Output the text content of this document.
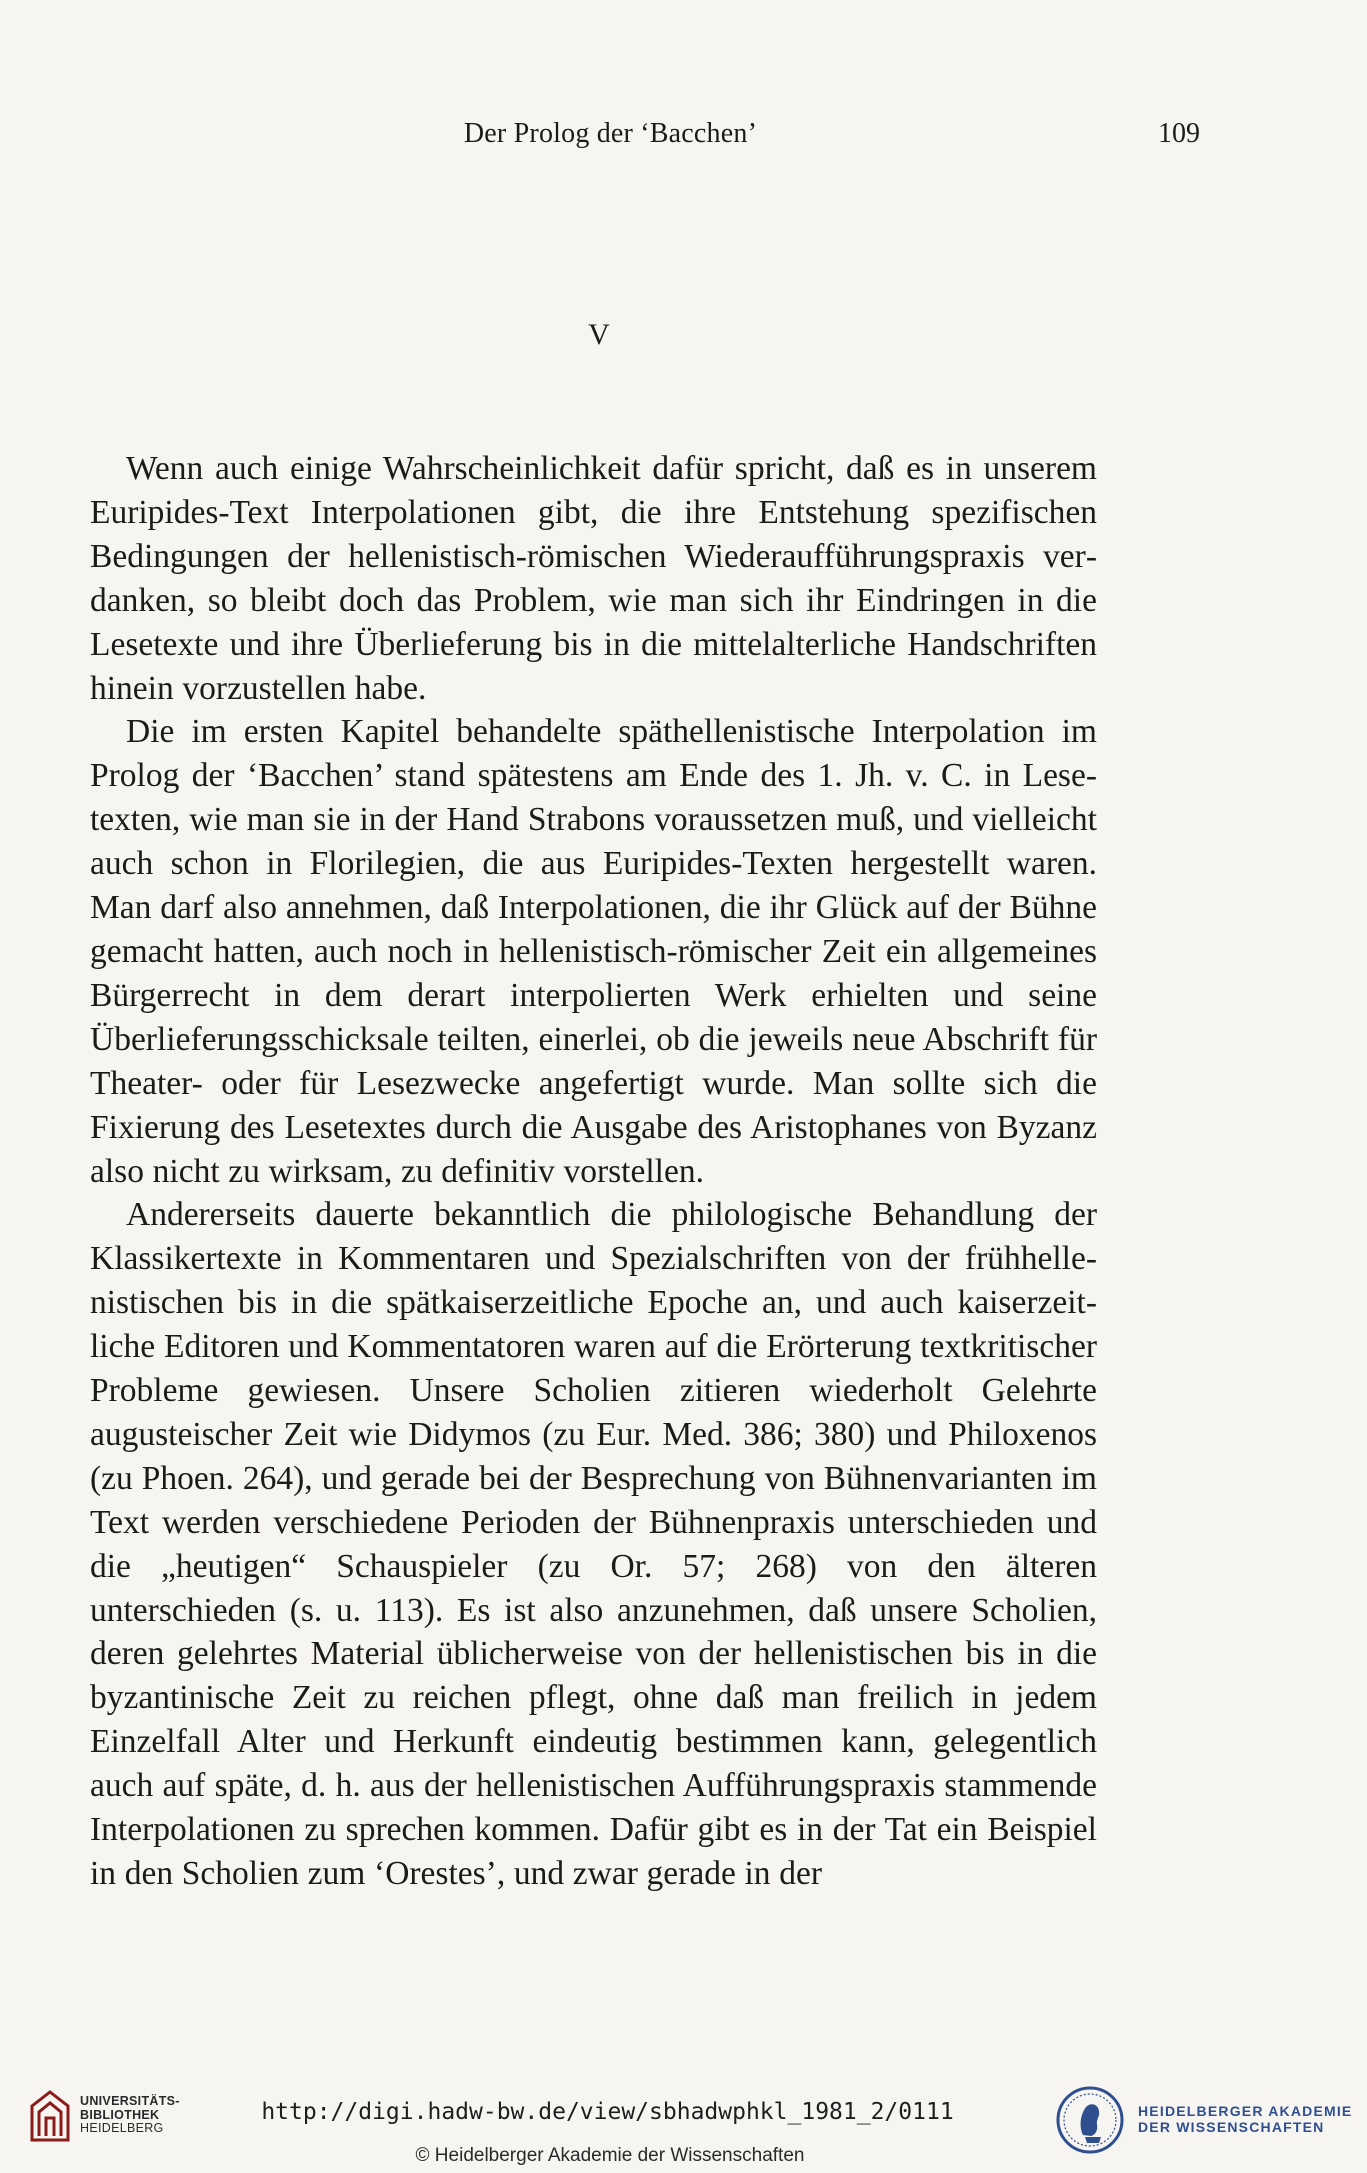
Der Prolog der ‘Bacchen’	109
V

Wenn auch einige Wahrscheinlichkeit dafür spricht, daß es in unserem Euripides-Text Interpolationen gibt, die ihre Entstehung spezifischen Bedingungen der hellenistisch-römischen Wiederaufführungspraxis verdanken, so bleibt doch das Problem, wie man sich ihr Eindringen in die Lesetexte und ihre Überlieferung bis in die mittelalterliche Handschriften hinein vorzustellen habe.

Die im ersten Kapitel behandelte späthellenistische Interpolation im Prolog der ‘Bacchen’ stand spätestens am Ende des 1. Jh. v. C. in Lesetexten, wie man sie in der Hand Strabons voraussetzen muß, und vielleicht auch schon in Florilegien, die aus Euripides-Texten hergestellt waren. Man darf also annehmen, daß Interpolationen, die ihr Glück auf der Bühne gemacht hatten, auch noch in hellenistisch-römischer Zeit ein allgemeines Bürgerrecht in dem derart interpolierten Werk erhielten und seine Überlieferungsschicksale teilten, einerlei, ob die jeweils neue Abschrift für Theater- oder für Lesezwecke angefertigt wurde. Man sollte sich die Fixierung des Lesetextes durch die Ausgabe des Aristophanes von Byzanz also nicht zu wirksam, zu definitiv vorstellen.

Andererseits dauerte bekanntlich die philologische Behandlung der Klassikertexte in Kommentaren und Spezialschriften von der frühhellenistischen bis in die spätkaiserzeitliche Epoche an, und auch kaiserzeitliche Editoren und Kommentatoren waren auf die Erörterung textkritischer Probleme gewiesen. Unsere Scholien zitieren wiederholt Gelehrte augusteischer Zeit wie Didymos (zu Eur. Med. 386; 380) und Philoxenos (zu Phoen. 264), und gerade bei der Besprechung von Bühnenvarianten im Text werden verschiedene Perioden der Bühnenpraxis unterschieden und die „heutigen“ Schauspieler (zu Or. 57; 268) von den älteren unterschieden (s. u. 113). Es ist also anzunehmen, daß unsere Scholien, deren gelehrtes Material üblicherweise von der hellenistischen bis in die byzantinische Zeit zu reichen pflegt, ohne daß man freilich in jedem Einzelfall Alter und Herkunft eindeutig bestimmen kann, gelegentlich auch auf späte, d. h. aus der hellenistischen Aufführungspraxis stammende Interpolationen zu sprechen kommen. Dafür gibt es in der Tat ein Beispiel in den Scholien zum ‘Orestes’, und zwar gerade in der

UNIVERSITÄTS-
BIBLIOTHEK
HEIDELBERG
http://digi.hadw-bw.de/view/sbhadwphkl_1981_2/0111
© Heidelberger Akademie der Wissenschaften
HEIDELBERGER AKADEMIE
DER WISSENSCHAFTEN
